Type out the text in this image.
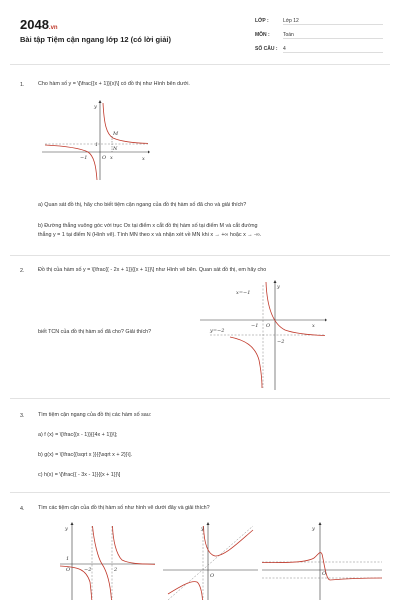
2048.vn
Bài tập Tiệm cận ngang lớp 12 (có lời giải)
LỚP :	Lớp 12
MÔN :	Toán
SỐ CÂU :	4
1.	Cho hàm số y = \[\frac{{x + 1}}{x}\] có đồ thị như Hình bên dưới.
y
x
O
M
N
1
−1	x
a) Quan sát đồ thị, hãy cho biết tiệm cận ngang của đồ thị hàm số đã cho và giải thích?
b) Đường thẳng vuông góc với trục Ox tại điểm x cắt đồ thị hàm số tại điểm M và cắt đường
thẳng y = 1 tại điểm N (Hình vẽ). Tính MN theo x và nhận xét về MN khi x → +∞ hoặc x → -∞.
2.	Đồ thị của hàm số y = \[\frac{{ - 2x + 1}}{{x + 1}}\] như Hình vẽ bên. Quan sát đồ thị, em hãy cho
biết TCN của đồ thị hàm số đã cho? Giải thích?
y
x
O
x=−1
y=−2
−1
−2
3.	Tìm tiệm cận ngang của đồ thị các hàm số sau:
a) f (x) = \[\frac{{x - 1}}{{4x + 1}}\];
b) g(x) = \[\frac{{\sqrt x }}{{\sqrt x + 2}}\].
c) h(x) = \[\frac{{ - 3x - 1}}{{x + 1}}\]
4.	Tìm các tiệm cận của đồ thị hàm số như hình vẽ dưới đây và giải thích?
y
O
1
−2	2
y
O
y
O
